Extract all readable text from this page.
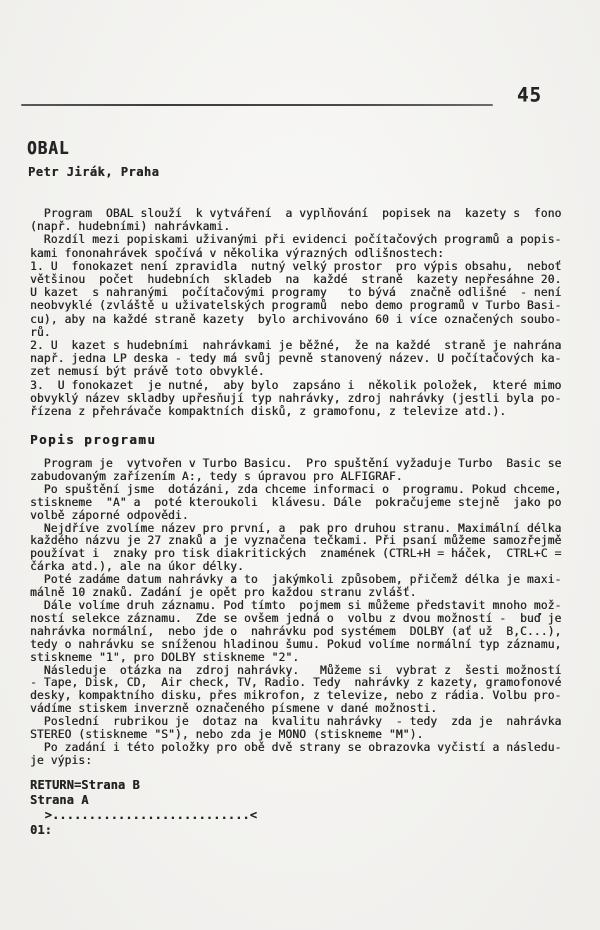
45
OBAL
Petr Jirák, Praha
Program  OBAL slouží  k vytváření  a vyplňování  popisek na  kazety s  fono
(např. hudebními) nahrávkami.
Rozdíl mezi popiskami uživanými při evidenci počítačových programů a popis-
kami fononahrávek spočívá v několika výrazných odlišnostech:
1. U  fonokazet není zpravidla  nutný velký prostor  pro výpis obsahu,  neboť
většinou  počet  hudebních  skladeb  na  každé  straně  kazety nepřesáhne 20.
U kazet  s nahranými  počítačovými programy   to bývá  značně odlišné  - není
neobvyklé (zvláště u uživatelských programů  nebo demo programů v Turbo Basi-
cu), aby na každé straně kazety  bylo archivováno 60 i více označených soubo-
rů.
2. U  kazet s hudebními  nahrávkami je běžné,  že na každé  straně je nahrána
např. jedna LP deska - tedy má svůj pevně stanovený název. U počítačových ka-
zet nemusí být právě toto obvyklé.
3.  U fonokazet  je nutné,  aby bylo  zapsáno i  několik položek,  které mimo
obvyklý název skladby upřesňují typ nahrávky, zdroj nahrávky (jestli byla po-
řízena z přehrávače kompaktních disků, z gramofonu, z televize atd.).
Popis programu
Program je  vytvořen v Turbo Basicu.  Pro spuštění vyžaduje Turbo  Basic se
zabudovaným zařízením A:, tedy s úpravou pro ALFIGRAF.
Po spuštění jsme  dotázáni, zda chceme informaci o  programu. Pokud chceme,
stiskneme  "A" a  poté kteroukoli  klávesu. Dále  pokračujeme stejně  jako po
volbě záporné odpovědi.
Nejdříve zvolíme název pro první, a  pak pro druhou stranu. Maximální délka
každého názvu je 27 znaků a je vyznačena tečkami. Při psaní můžeme samozřejmě
používat i  znaky pro tisk diakritických  znamének (CTRL+H = háček,  CTRL+C =
čárka atd.), ale na úkor délky.
Poté zadáme datum nahrávky a to  jakýmkoli způsobem, přičemž délka je maxi-
málně 10 znaků. Zadání je opět pro každou stranu zvlášť.
Dále volíme druh záznamu. Pod tímto  pojmem si můžeme představit mnoho mož-
ností selekce záznamu.  Zde se ovšem jedná o  volbu z dvou možností -  buď je
nahrávka normální,  nebo jde o  nahrávku pod systémem  DOLBY (ať už  B,C...),
tedy o nahrávku se sníženou hladinou šumu. Pokud volíme normální typ záznamu,
stiskneme "1", pro DOLBY stiskneme "2".
Následuje  otázka na  zdroj nahrávky.   Můžeme si  vybrat z  šesti možností
- Tape, Disk, CD,  Air check, TV, Radio. Tedy  nahrávky z kazety, gramofonové
desky, kompaktního disku, přes mikrofon, z televize, nebo z rádia. Volbu pro-
vádíme stiskem inverzně označeného písmene v dané možnosti.
Poslední  rubrikou je  dotaz na  kvalitu nahrávky  - tedy  zda je  nahrávka
STEREO (stiskneme "S"), nebo zda je MONO (stiskneme "M").
Po zadání i této položky pro obě dvě strany se obrazovka vyčistí a následu-
je výpis:
RETURN=Strana B
Strana A
>...........................<
01:
